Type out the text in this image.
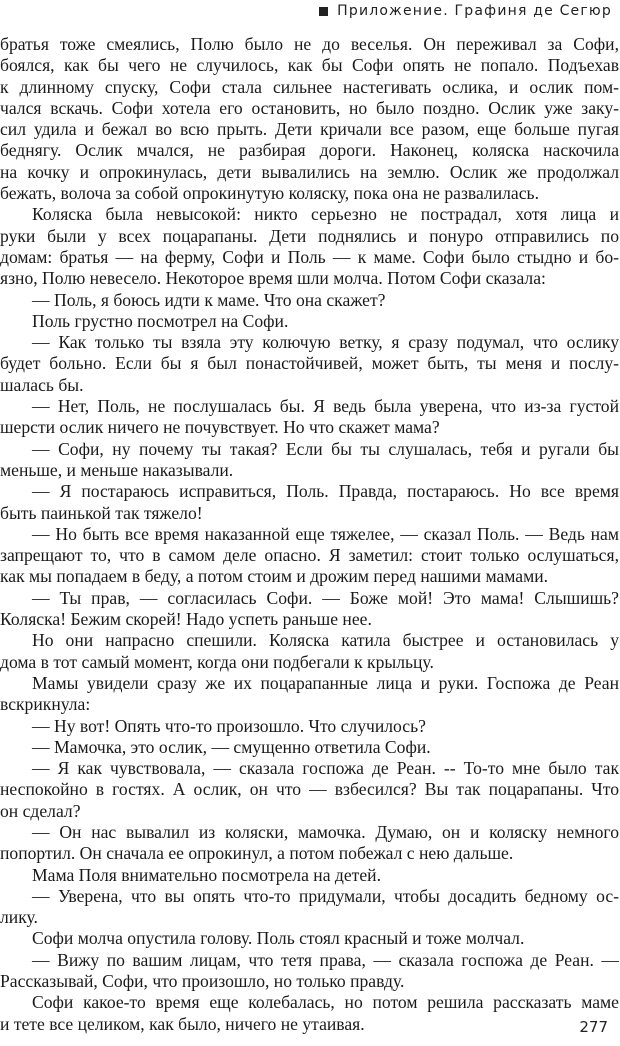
Приложение. Графиня де Сегюр
братья тоже смеялись, Полю было не до веселья. Он переживал за Софи,
боялся, как бы чего не случилось, как бы Софи опять не попало. Подъехав
к длинному спуску, Софи стала сильнее настегивать ослика, и ослик пом-
чался вскачь. Софи хотела его остановить, но было поздно. Ослик уже заку-
сил удила и бежал во всю прыть. Дети кричали все разом, еще больше пугая
беднягу. Ослик мчался, не разбирая дороги. Наконец, коляска наскочила
на кочку и опрокинулась, дети вывалились на землю. Ослик же продолжал
бежать, волоча за собой опрокинутую коляску, пока она не развалилась.
Коляска была невысокой: никто серьезно не пострадал, хотя лица и
руки были у всех поцарапаны. Дети поднялись и понуро отправились по
домам: братья — на ферму, Софи и Поль — к маме. Софи было стыдно и бо-
язно, Полю невесело. Некоторое время шли молча. Потом Софи сказала:
— Поль, я боюсь идти к маме. Что она скажет?
Поль грустно посмотрел на Софи.
— Как только ты взяла эту колючую ветку, я сразу подумал, что ослику
будет больно. Если бы я был понастойчивей, может быть, ты меня и послу-
шалась бы.
— Нет, Поль, не послушалась бы. Я ведь была уверена, что из-за густой
шерсти ослик ничего не почувствует. Но что скажет мама?
— Софи, ну почему ты такая? Если бы ты слушалась, тебя и ругали бы
меньше, и меньше наказывали.
— Я постараюсь исправиться, Поль. Правда, постараюсь. Но все время
быть паинькой так тяжело!
— Но быть все время наказанной еще тяжелее, — сказал Поль. — Ведь нам
запрещают то, что в самом деле опасно. Я заметил: стоит только ослушаться,
как мы попадаем в беду, а потом стоим и дрожим перед нашими мамами.
— Ты прав, — согласилась Софи. — Боже мой! Это мама! Слышишь?
Коляска! Бежим скорей! Надо успеть раньше нее.
Но они напрасно спешили. Коляска катила быстрее и остановилась у
дома в тот самый момент, когда они подбегали к крыльцу.
Мамы увидели сразу же их поцарапанные лица и руки. Госпожа де Реан
вскрикнула:
— Ну вот! Опять что-то произошло. Что случилось?
— Мамочка, это ослик, — смущенно ответила Софи.
— Я как чувствовала, — сказала госпожа де Реан. -- То-то мне было так
неспокойно в гостях. А ослик, он что — взбесился? Вы так поцарапаны. Что
он сделал?
— Он нас вывалил из коляски, мамочка. Думаю, он и коляску немного
попортил. Он сначала ее опрокинул, а потом побежал с нею дальше.
Мама Поля внимательно посмотрела на детей.
— Уверена, что вы опять что-то придумали, чтобы досадить бедному ос-
лику.
Софи молча опустила голову. Поль стоял красный и тоже молчал.
— Вижу по вашим лицам, что тетя права, — сказала госпожа де Реан. —
Рассказывай, Софи, что произошло, но только правду.
Софи какое-то время еще колебалась, но потом решила рассказать маме
и тете все целиком, как было, ничего не утаивая.	277
